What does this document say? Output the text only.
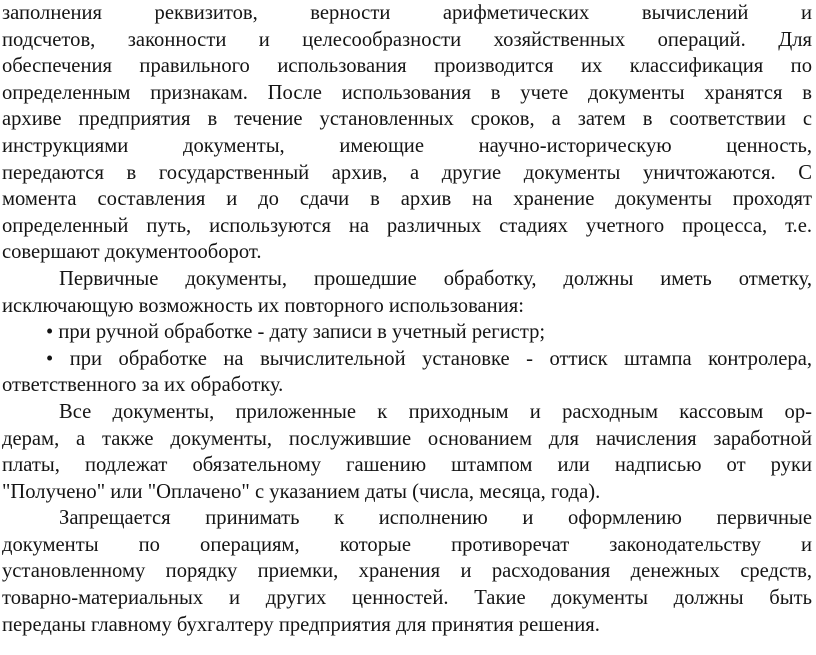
заполнения реквизитов, верности арифметических вычислений и
подсчетов, законности и целесообразности хозяйственных операций. Для
обеспечения правильного использования производится их классификация по
определенным признакам. После использования в учете документы хранятся в
архиве предприятия в течение установленных сроков, а затем в соответствии с
инструкциями документы, имеющие научно-историческую ценность,
передаются в государственный архив, а другие документы уничтожаются. С
момента составления и до сдачи в архив на хранение документы проходят
определенный путь, используются на различных стадиях учетного процесса, т.е.
совершают документооборот.
Первичные документы, прошедшие обработку, должны иметь отметку,
исключающую возможность их повторного использования:
• при ручной обработке - дату записи в учетный регистр;
• при обработке на вычислительной установке - оттиск штампа контролера,
ответственного за их обработку.
Все документы, приложенные к приходным и расходным кассовым ор-
дерам, а также документы, послужившие основанием для начисления заработной
платы, подлежат обязательному гашению штампом или надписью от руки
"Получено" или "Оплачено" с указанием даты (числа, месяца, года).
Запрещается принимать к исполнению и оформлению первичные
документы по операциям, которые противоречат законодательству и
установленному порядку приемки, хранения и расходования денежных средств,
товарно-материальных и других ценностей. Такие документы должны быть
переданы главному бухгалтеру предприятия для принятия решения.
